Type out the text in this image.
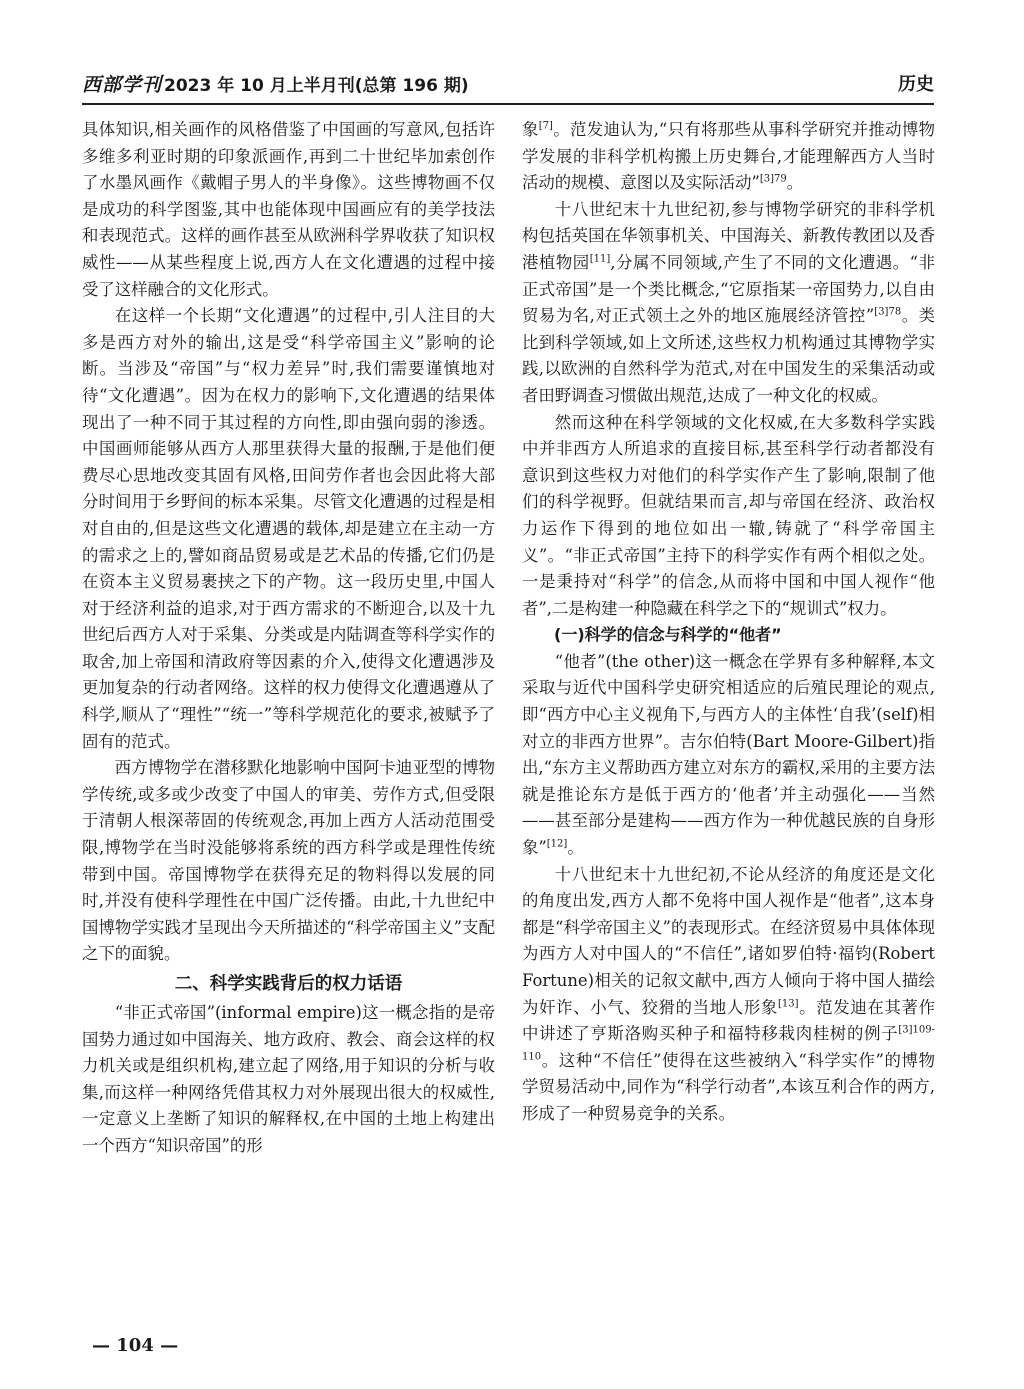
西部学刊 2023 年 10 月上半月刊(总第 196 期)	历史

具体知识,相关画作的风格借鉴了中国画的写意风,包括许多维多利亚时期的印象派画作,再到二十世纪毕加索创作了水墨风画作《戴帽子男人的半身像》。这些博物画不仅是成功的科学图鉴,其中也能体现中国画应有的美学技法和表现范式。这样的画作甚至从欧洲科学界收获了知识权威性——从某些程度上说,西方人在文化遭遇的过程中接受了这样融合的文化形式。

在这样一个长期“文化遭遇”的过程中,引人注目的大多是西方对外的输出,这是受“科学帝国主义”影响的论断。当涉及“帝国”与“权力差异”时,我们需要谨慎地对待“文化遭遇”。因为在权力的影响下,文化遭遇的结果体现出了一种不同于其过程的方向性,即由强向弱的渗透。中国画师能够从西方人那里获得大量的报酬,于是他们便费尽心思地改变其固有风格,田间劳作者也会因此将大部分时间用于乡野间的标本采集。尽管文化遭遇的过程是相对自由的,但是这些文化遭遇的载体,却是建立在主动一方的需求之上的,譬如商品贸易或是艺术品的传播,它们仍是在资本主义贸易裹挟之下的产物。这一段历史里,中国人对于经济利益的追求,对于西方需求的不断迎合,以及十九世纪后西方人对于采集、分类或是内陆调查等科学实作的取舍,加上帝国和清政府等因素的介入,使得文化遭遇涉及更加复杂的行动者网络。这样的权力使得文化遭遇遵从了科学,顺从了“理性”“统一”等科学规范化的要求,被赋予了固有的范式。

西方博物学在潜移默化地影响中国阿卡迪亚型的博物学传统,或多或少改变了中国人的审美、劳作方式,但受限于清朝人根深蒂固的传统观念,再加上西方人活动范围受限,博物学在当时没能够将系统的西方科学或是理性传统带到中国。帝国博物学在获得充足的物料得以发展的同时,并没有使科学理性在中国广泛传播。由此,十九世纪中国博物学实践才呈现出今天所描述的“科学帝国主义”支配之下的面貌。

二、科学实践背后的权力话语

“非正式帝国”(informal empire)这一概念指的是帝国势力通过如中国海关、地方政府、教会、商会这样的权力机关或是组织机构,建立起了网络,用于知识的分析与收集,而这样一种网络凭借其权力对外展现出很大的权威性,一定意义上垄断了知识的解释权,在中国的土地上构建出一个西方“知识帝国”的形

象[7]。范发迪认为,“只有将那些从事科学研究并推动博物学发展的非科学机构搬上历史舞台,才能理解西方人当时活动的规模、意图以及实际活动”$^{[3]79}$。

十八世纪末十九世纪初,参与博物学研究的非科学机构包括英国在华领事机关、中国海关、新教传教团以及香港植物园[11],分属不同领域,产生了不同的文化遭遇。“非正式帝国”是一个类比概念,“它原指某一帝国势力,以自由贸易为名,对正式领土之外的地区施展经济管控”$^{[3]78}$。类比到科学领域,如上文所述,这些权力机构通过其博物学实践,以欧洲的自然科学为范式,对在中国发生的采集活动或者田野调查习惯做出规范,达成了一种文化的权威。

然而这种在科学领域的文化权威,在大多数科学实践中并非西方人所追求的直接目标,甚至科学行动者都没有意识到这些权力对他们的科学实作产生了影响,限制了他们的科学视野。但就结果而言,却与帝国在经济、政治权力运作下得到的地位如出一辙,铸就了“科学帝国主义”。“非正式帝国”主持下的科学实作有两个相似之处。一是秉持对“科学”的信念,从而将中国和中国人视作“他者”,二是构建一种隐藏在科学之下的“规训式”权力。

(一)科学的信念与科学的“他者”

“他者”(the other)这一概念在学界有多种解释,本文采取与近代中国科学史研究相适应的后殖民理论的观点,即“西方中心主义视角下,与西方人的主体性‘自我’(self)相对立的非西方世界”。吉尔伯特(Bart Moore-Gilbert)指出,“东方主义帮助西方建立对东方的霸权,采用的主要方法就是推论东方是低于西方的‘他者’并主动强化——当然——甚至部分是建构——西方作为一种优越民族的自身形象”[12]。

十八世纪末十九世纪初,不论从经济的角度还是文化的角度出发,西方人都不免将中国人视作是“他者”,这本身都是“科学帝国主义”的表现形式。在经济贸易中具体体现为西方人对中国人的“不信任”,诸如罗伯特·福钧(Robert Fortune)相关的记叙文献中,西方人倾向于将中国人描绘为奸诈、小气、狡猾的当地人形象[13]。范发迪在其著作中讲述了亨斯洛购买种子和福特移栽肉桂树的例子$^{[3]109-110}$。这种“不信任”使得在这些被纳入“科学实作”的博物学贸易活动中,同作为“科学行动者”,本该互利合作的两方,形成了一种贸易竞争的关系。

— 104 —
